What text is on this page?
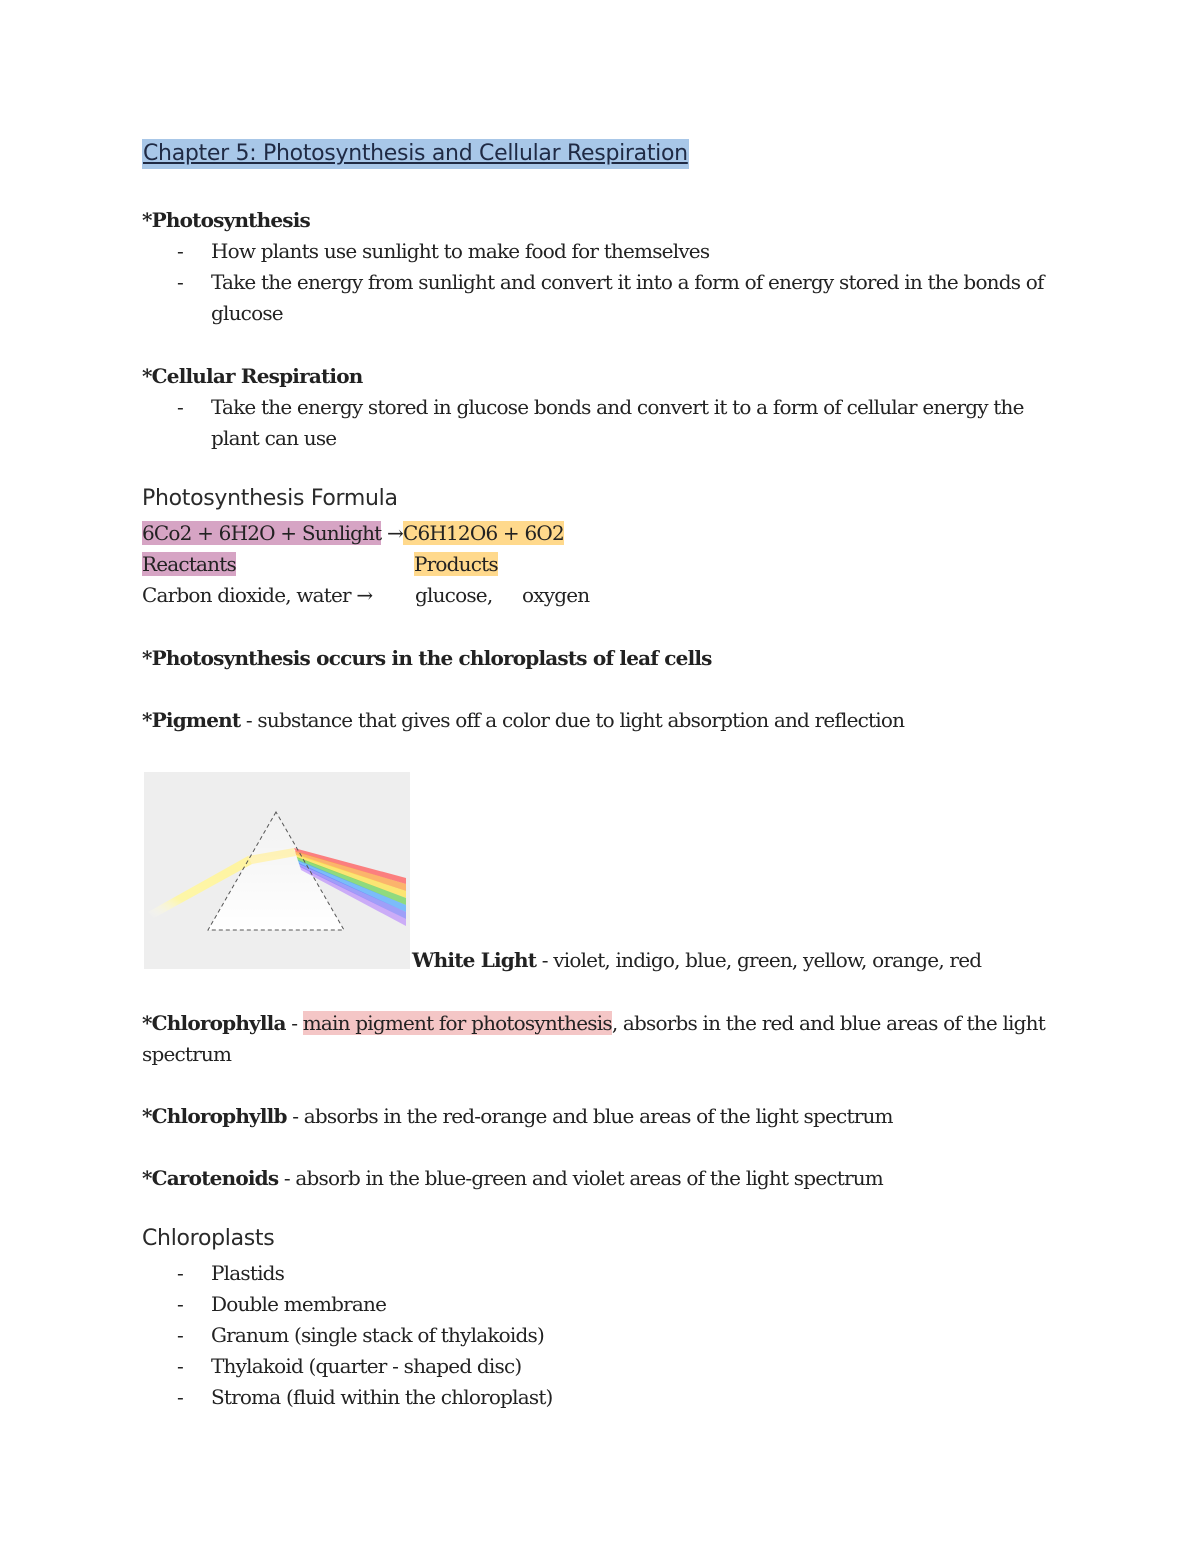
Chapter 5: Photosynthesis and Cellular Respiration
*Photosynthesis
- How plants use sunlight to make food for themselves
- Take the energy from sunlight and convert it into a form of energy stored in the bonds of
glucose
*Cellular Respiration
- Take the energy stored in glucose bonds and convert it to a form of cellular energy the
plant can use
Photosynthesis Formula
6Co2 + 6H2O + Sunlight →C6H12O6 + 6O2
Reactants	Products
Carbon dioxide, water → glucose, oxygen
*Photosynthesis occurs in the chloroplasts of leaf cells
*Pigment - substance that gives off a color due to light absorption and reflection
White Light - violet, indigo, blue, green, yellow, orange, red
*Chlorophylla - main pigment for photosynthesis, absorbs in the red and blue areas of the light
spectrum
*Chlorophyllb - absorbs in the red-orange and blue areas of the light spectrum
*Carotenoids - absorb in the blue-green and violet areas of the light spectrum
Chloroplasts
- Plastids
- Double membrane
- Granum (single stack of thylakoids)
- Thylakoid (quarter - shaped disc)
- Stroma (fluid within the chloroplast)
